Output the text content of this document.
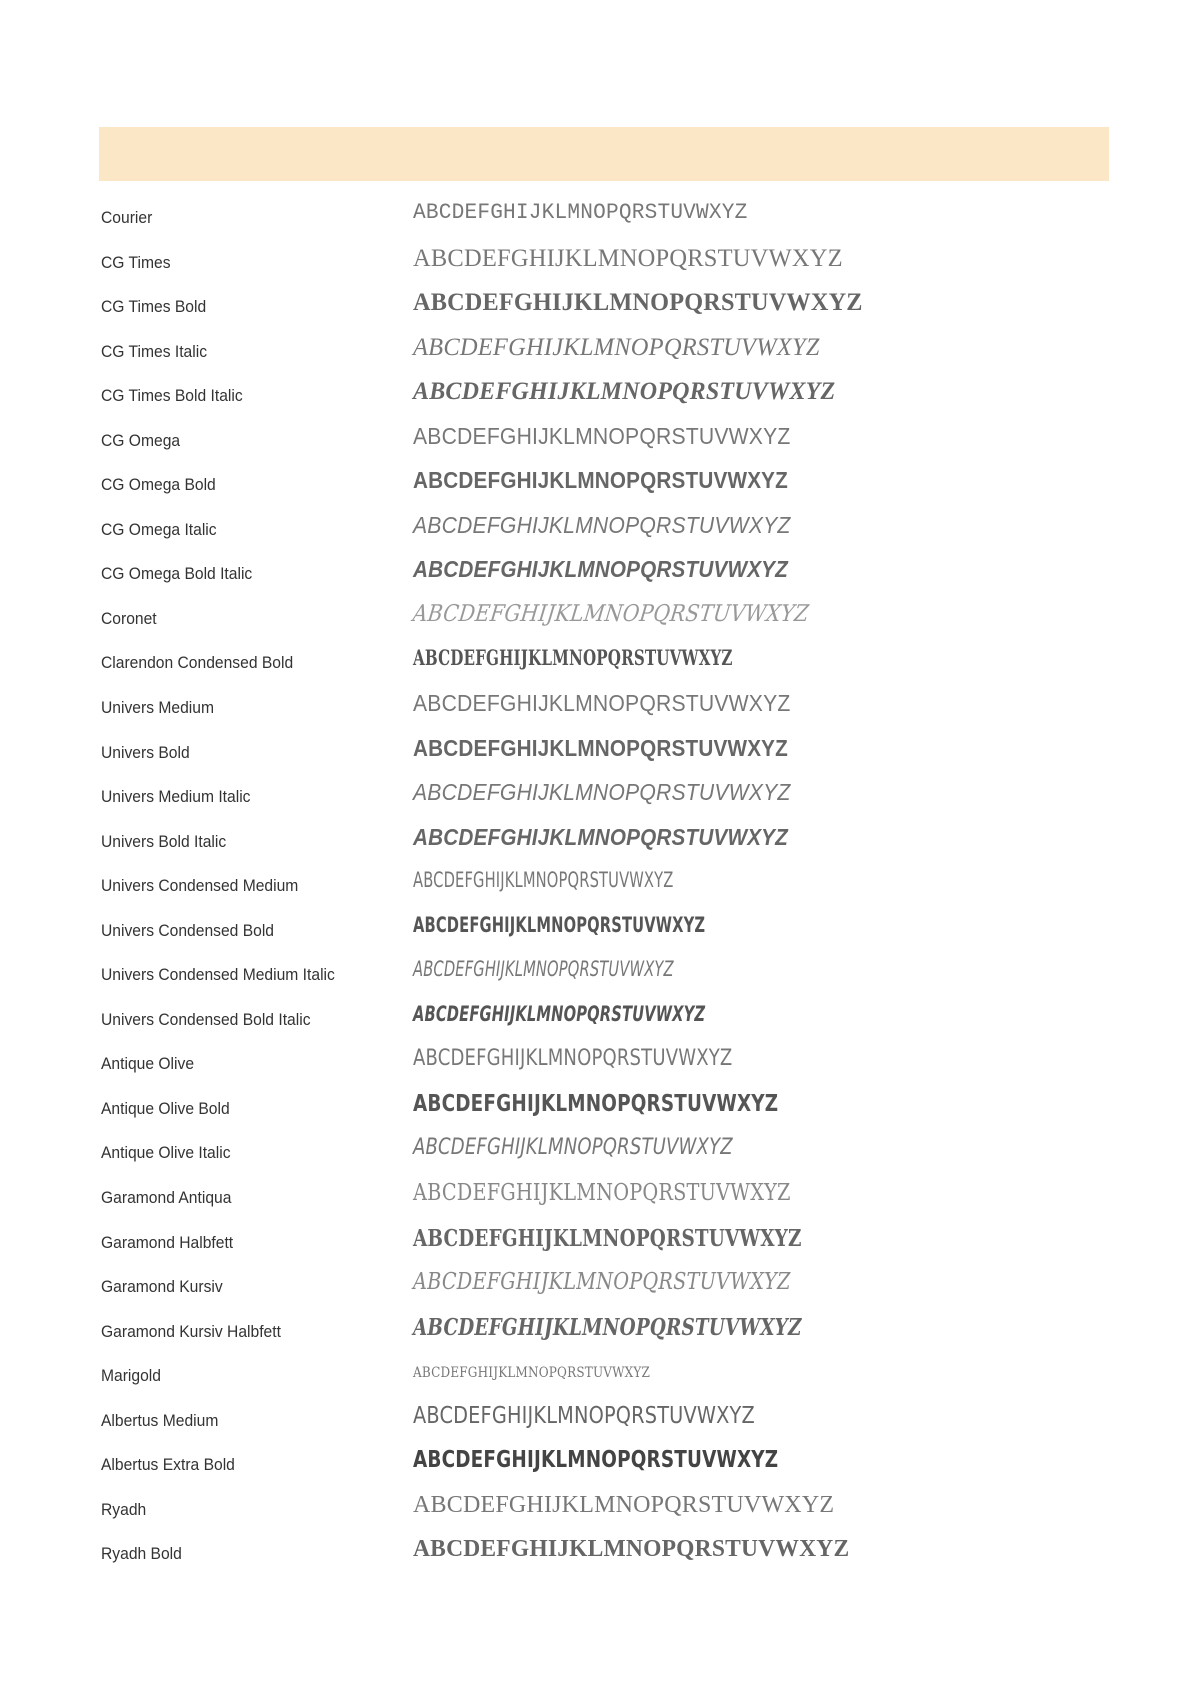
Courier	ABCDEFGHIJKLMNOPQRSTUVWXYZ
CG Times	ABCDEFGHIJKLMNOPQRSTUVWXYZ
CG Times Bold	ABCDEFGHIJKLMNOPQRSTUVWXYZ
CG Times Italic	ABCDEFGHIJKLMNOPQRSTUVWXYZ
CG Times Bold Italic	ABCDEFGHIJKLMNOPQRSTUVWXYZ
CG Omega	ABCDEFGHIJKLMNOPQRSTUVWXYZ
CG Omega Bold	ABCDEFGHIJKLMNOPQRSTUVWXYZ
CG Omega Italic	ABCDEFGHIJKLMNOPQRSTUVWXYZ
CG Omega Bold Italic	ABCDEFGHIJKLMNOPQRSTUVWXYZ
Coronet	ABCDEFGHIJKLMNOPQRSTUVWXYZ
Clarendon Condensed Bold	ABCDEFGHIJKLMNOPQRSTUVWXYZ
Univers Medium	ABCDEFGHIJKLMNOPQRSTUVWXYZ
Univers Bold	ABCDEFGHIJKLMNOPQRSTUVWXYZ
Univers Medium Italic	ABCDEFGHIJKLMNOPQRSTUVWXYZ
Univers Bold Italic	ABCDEFGHIJKLMNOPQRSTUVWXYZ
Univers Condensed Medium	ABCDEFGHIJKLMNOPQRSTUVWXYZ
Univers Condensed Bold	ABCDEFGHIJKLMNOPQRSTUVWXYZ
Univers Condensed Medium Italic	ABCDEFGHIJKLMNOPQRSTUVWXYZ
Univers Condensed Bold Italic	ABCDEFGHIJKLMNOPQRSTUVWXYZ
Antique Olive	ABCDEFGHIJKLMNOPQRSTUVWXYZ
Antique Olive Bold	ABCDEFGHIJKLMNOPQRSTUVWXYZ
Antique Olive Italic	ABCDEFGHIJKLMNOPQRSTUVWXYZ
Garamond Antiqua	ABCDEFGHIJKLMNOPQRSTUVWXYZ
Garamond Halbfett	ABCDEFGHIJKLMNOPQRSTUVWXYZ
Garamond Kursiv	ABCDEFGHIJKLMNOPQRSTUVWXYZ
Garamond Kursiv Halbfett	ABCDEFGHIJKLMNOPQRSTUVWXYZ
Marigold	ABCDEFGHIJKLMNOPQRSTUVWXYZ
Albertus Medium	ABCDEFGHIJKLMNOPQRSTUVWXYZ
Albertus Extra Bold	ABCDEFGHIJKLMNOPQRSTUVWXYZ
Ryadh	ABCDEFGHIJKLMNOPQRSTUVWXYZ
Ryadh Bold	ABCDEFGHIJKLMNOPQRSTUVWXYZ
